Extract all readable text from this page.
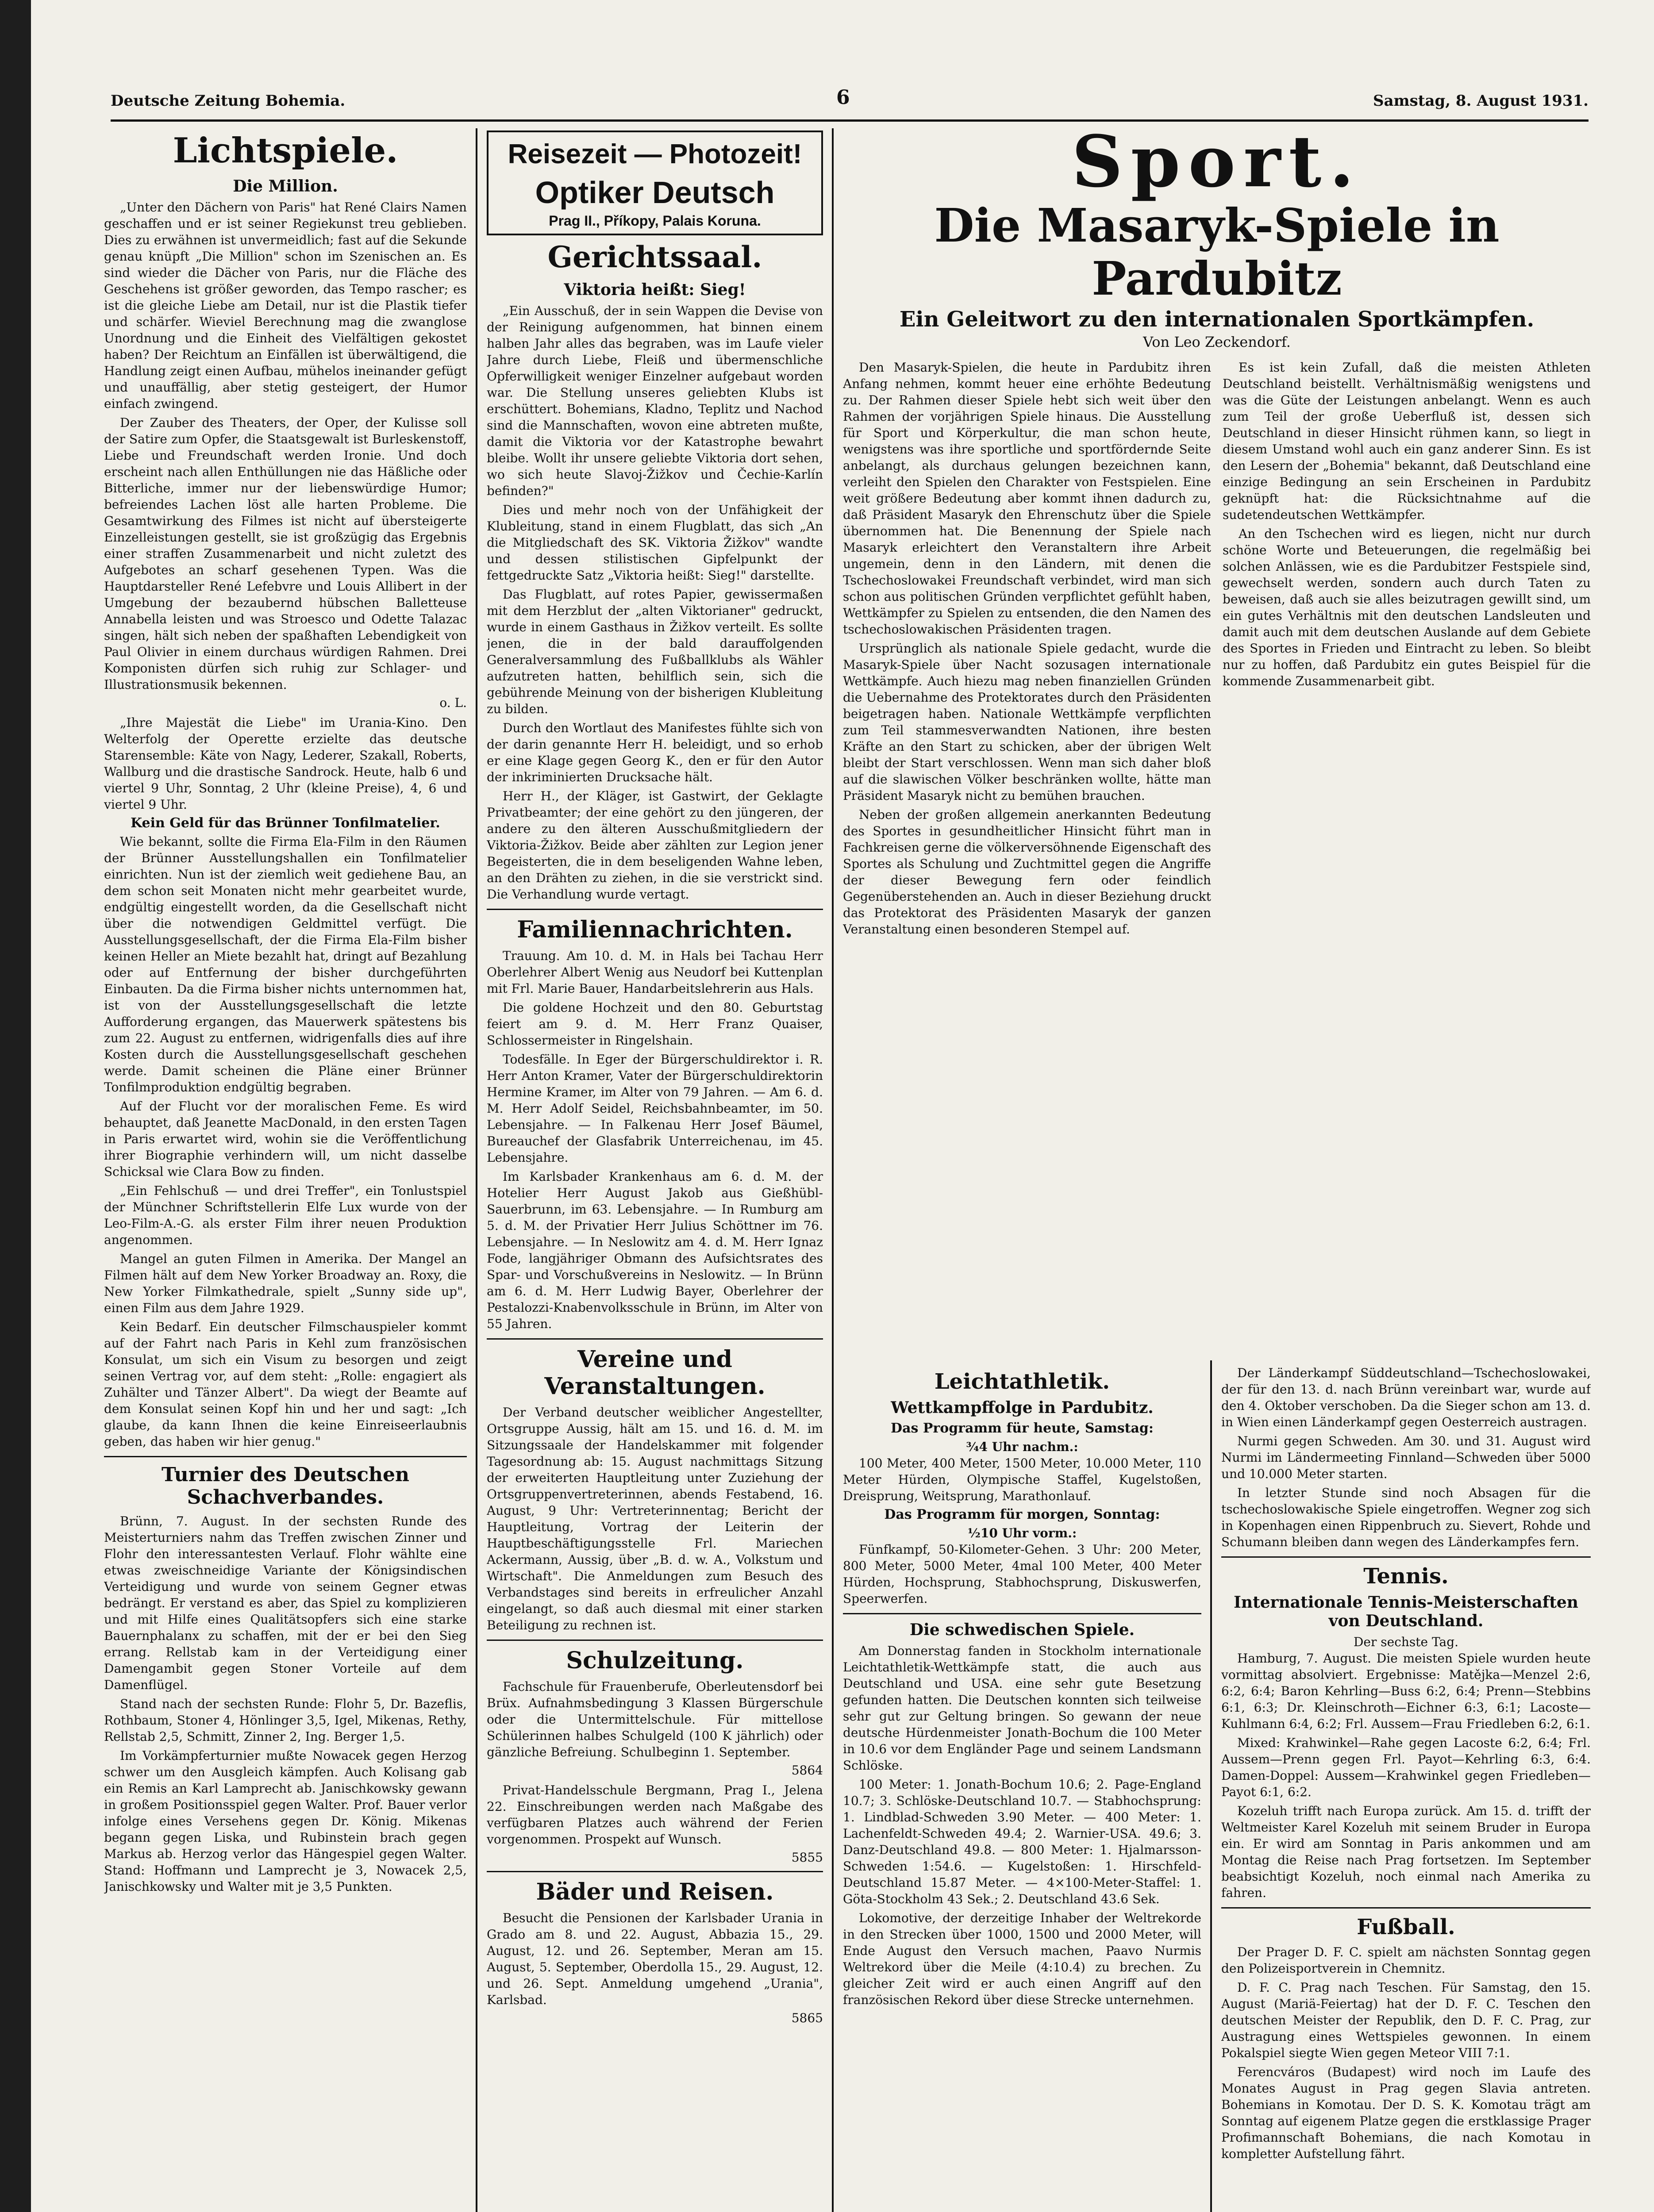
Deutsche Zeitung Bohemia.	6	Samstag, 8. August 1931.
Lichtspiele.
Die Million.

„Unter den Dächern von Paris" hat René Clairs Namen geschaffen und er ist seiner Regiekunst treu geblieben. Dies zu erwähnen ist unvermeidlich; fast auf die Sekunde genau knüpft „Die Million" schon im Szenischen an. Es sind wieder die Dächer von Paris, nur die Fläche des Geschehens ist größer geworden, das Tempo rascher; es ist die gleiche Liebe am Detail, nur ist die Plastik tiefer und schärfer. Wieviel Berechnung mag die zwanglose Unordnung und die Einheit des Vielfältigen gekostet haben? Der Reichtum an Einfällen ist überwältigend, die Handlung zeigt einen Aufbau, mühelos ineinander gefügt und unauffällig, aber stetig gesteigert, der Humor einfach zwingend.

Der Zauber des Theaters, der Oper, der Kulisse soll der Satire zum Opfer, die Staatsgewalt ist Burleskenstoff, Liebe und Freundschaft werden Ironie. Und doch erscheint nach allen Enthüllungen nie das Häßliche oder Bitterliche, immer nur der liebenswürdige Humor; befreiendes Lachen löst alle harten Probleme. Die Gesamtwirkung des Filmes ist nicht auf übersteigerte Einzelleistungen gestellt, sie ist großzügig das Ergebnis einer straffen Zusammenarbeit und nicht zuletzt des Aufgebotes an scharf gesehenen Typen. Was die Hauptdarsteller René Lefebvre und Louis Allibert in der Umgebung der bezaubernd hübschen Balletteuse Annabella leisten und was Stroesco und Odette Talazac singen, hält sich neben der spaßhaften Lebendigkeit von Paul Olivier in einem durchaus würdigen Rahmen. Drei Komponisten dürfen sich ruhig zur Schlager- und Illustrationsmusik bekennen.

o. L.

„Ihre Majestät die Liebe" im Urania-Kino. Den Welterfolg der Operette erzielte das deutsche Starensemble: Käte von Nagy, Lederer, Szakall, Roberts, Wallburg und die drastische Sandrock. Heute, halb 6 und viertel 9 Uhr, Sonntag, 2 Uhr (kleine Preise), 4, 6 und viertel 9 Uhr.

Kein Geld für das Brünner Tonfilmatelier.

Wie bekannt, sollte die Firma Ela-Film in den Räumen der Brünner Ausstellungshallen ein Tonfilmatelier einrichten. Nun ist der ziemlich weit gediehene Bau, an dem schon seit Monaten nicht mehr gearbeitet wurde, endgültig eingestellt worden, da die Gesellschaft nicht über die notwendigen Geldmittel verfügt. Die Ausstellungsgesellschaft, der die Firma Ela-Film bisher keinen Heller an Miete bezahlt hat, dringt auf Bezahlung oder auf Entfernung der bisher durchgeführten Einbauten. Da die Firma bisher nichts unternommen hat, ist von der Ausstellungsgesellschaft die letzte Aufforderung ergangen, das Mauerwerk spätestens bis zum 22. August zu entfernen, widrigenfalls dies auf ihre Kosten durch die Ausstellungsgesellschaft geschehen werde. Damit scheinen die Pläne einer Brünner Tonfilmproduktion endgültig begraben.

Auf der Flucht vor der moralischen Feme. Es wird behauptet, daß Jeanette MacDonald, in den ersten Tagen in Paris erwartet wird, wohin sie die Veröffentlichung ihrer Biographie verhindern will, um nicht dasselbe Schicksal wie Clara Bow zu finden.

„Ein Fehlschuß — und drei Treffer", ein Tonlustspiel der Münchner Schriftstellerin Elfe Lux wurde von der Leo-Film-A.-G. als erster Film ihrer neuen Produktion angenommen.

Mangel an guten Filmen in Amerika. Der Mangel an Filmen hält auf dem New Yorker Broadway an. Roxy, die New Yorker Filmkathedrale, spielt „Sunny side up", einen Film aus dem Jahre 1929.

Kein Bedarf. Ein deutscher Filmschauspieler kommt auf der Fahrt nach Paris in Kehl zum französischen Konsulat, um sich ein Visum zu besorgen und zeigt seinen Vertrag vor, auf dem steht: „Rolle: engagiert als Zuhälter und Tänzer Albert". Da wiegt der Beamte auf dem Konsulat seinen Kopf hin und her und sagt: „Ich glaube, da kann Ihnen die keine Einreiseerlaubnis geben, das haben wir hier genug."

Turnier des Deutschen Schachverbandes.

Brünn, 7. August. In der sechsten Runde des Meisterturniers nahm das Treffen zwischen Zinner und Flohr den interessantesten Verlauf. Flohr wählte eine etwas zweischneidige Variante der Königsindischen Verteidigung und wurde von seinem Gegner etwas bedrängt. Er verstand es aber, das Spiel zu komplizieren und mit Hilfe eines Qualitätsopfers sich eine starke Bauernphalanx zu schaffen, mit der er bei den Sieg errang. Rellstab kam in der Verteidigung einer Damengambit gegen Stoner Vorteile auf dem Damenflügel.

Stand nach der sechsten Runde: Flohr 5, Dr. Bazeflis, Rothbaum, Stoner 4, Hönlinger 3,5, Igel, Mikenas, Rethy, Rellstab 2,5, Schmitt, Zinner 2, Ing. Berger 1,5.

Im Vorkämpferturnier mußte Nowacek gegen Herzog schwer um den Ausgleich kämpfen. Auch Kolisang gab ein Remis an Karl Lamprecht ab. Janischkowsky gewann in großem Positionsspiel gegen Walter. Prof. Bauer verlor infolge eines Versehens gegen Dr. König. Mikenas begann gegen Liska, und Rubinstein brach gegen Markus ab. Herzog verlor das Hängespiel gegen Walter. Stand: Hoffmann und Lamprecht je 3, Nowacek 2,5, Janischkowsky und Walter mit je 3,5 Punkten.

Reisezeit — Photozeit!
Optiker Deutsch
Prag II., Příkopy, Palais Koruna.
Gerichtssaal.
Viktoria heißt: Sieg!

„Ein Ausschuß, der in sein Wappen die Devise von der Reinigung aufgenommen, hat binnen einem halben Jahr alles das begraben, was im Laufe vieler Jahre durch Liebe, Fleiß und übermenschliche Opferwilligkeit weniger Einzelner aufgebaut worden war. Die Stellung unseres geliebten Klubs ist erschüttert. Bohemians, Kladno, Teplitz und Nachod sind die Mannschaften, wovon eine abtreten mußte, damit die Viktoria vor der Katastrophe bewahrt bleibe. Wollt ihr unsere geliebte Viktoria dort sehen, wo sich heute Slavoj-Žižkov und Čechie-Karlín befinden?"

Dies und mehr noch von der Unfähigkeit der Klubleitung, stand in einem Flugblatt, das sich „An die Mitgliedschaft des SK. Viktoria Žižkov" wandte und dessen stilistischen Gipfelpunkt der fettgedruckte Satz „Viktoria heißt: Sieg!" darstellte.

Das Flugblatt, auf rotes Papier, gewissermaßen mit dem Herzblut der „alten Viktorianer" gedruckt, wurde in einem Gasthaus in Žižkov verteilt. Es sollte jenen, die in der bald darauffolgenden Generalversammlung des Fußballklubs als Wähler aufzutreten hatten, behilflich sein, sich die gebührende Meinung von der bisherigen Klubleitung zu bilden.

Durch den Wortlaut des Manifestes fühlte sich von der darin genannte Herr H. beleidigt, und so erhob er eine Klage gegen Georg K., den er für den Autor der inkriminierten Drucksache hält.

Herr H., der Kläger, ist Gastwirt, der Geklagte Privatbeamter; der eine gehört zu den jüngeren, der andere zu den älteren Ausschußmitgliedern der Viktoria-Žižkov. Beide aber zählten zur Legion jener Begeisterten, die in dem beseligenden Wahne leben, an den Drähten zu ziehen, in die sie verstrickt sind. Die Verhandlung wurde vertagt.

Familiennachrichten.

Trauung. Am 10. d. M. in Hals bei Tachau Herr Oberlehrer Albert Wenig aus Neudorf bei Kuttenplan mit Frl. Marie Bauer, Handarbeitslehrerin aus Hals.

Die goldene Hochzeit und den 80. Geburtstag feiert am 9. d. M. Herr Franz Quaiser, Schlossermeister in Ringelshain.

Todesfälle. In Eger der Bürgerschuldirektor i. R. Herr Anton Kramer, Vater der Bürgerschuldirektorin Hermine Kramer, im Alter von 79 Jahren. — Am 6. d. M. Herr Adolf Seidel, Reichsbahnbeamter, im 50. Lebensjahre. — In Falkenau Herr Josef Bäumel, Bureauchef der Glasfabrik Unterreichenau, im 45. Lebensjahre.

Im Karlsbader Krankenhaus am 6. d. M. der Hotelier Herr August Jakob aus Gießhübl-Sauerbrunn, im 63. Lebensjahre. — In Rumburg am 5. d. M. der Privatier Herr Julius Schöttner im 76. Lebensjahre. — In Neslowitz am 4. d. M. Herr Ignaz Fode, langjähriger Obmann des Aufsichtsrates des Spar- und Vorschußvereins in Neslowitz. — In Brünn am 6. d. M. Herr Ludwig Bayer, Oberlehrer der Pestalozzi-Knabenvolksschule in Brünn, im Alter von 55 Jahren.

Vereine und Veranstaltungen.

Der Verband deutscher weiblicher Angestellter, Ortsgruppe Aussig, hält am 15. und 16. d. M. im Sitzungssaale der Handelskammer mit folgender Tagesordnung ab: 15. August nachmittags Sitzung der erweiterten Hauptleitung unter Zuziehung der Ortsgruppenvertreterinnen, abends Festabend, 16. August, 9 Uhr: Vertreterinnentag; Bericht der Hauptleitung, Vortrag der Leiterin der Hauptbeschäftigungsstelle Frl. Mariechen Ackermann, Aussig, über „B. d. w. A., Volkstum und Wirtschaft". Die Anmeldungen zum Besuch des Verbandstages sind bereits in erfreulicher Anzahl eingelangt, so daß auch diesmal mit einer starken Beteiligung zu rechnen ist.

Schulzeitung.

Fachschule für Frauenberufe, Oberleutensdorf bei Brüx. Aufnahmsbedingung 3 Klassen Bürgerschule oder die Untermittelschule. Für mittellose Schülerinnen halbes Schulgeld (100 K jährlich) oder gänzliche Befreiung. Schulbeginn 1. September.

5864

Privat-Handelsschule Bergmann, Prag I., Jelena 22. Einschreibungen werden nach Maßgabe des verfügbaren Platzes auch während der Ferien vorgenommen. Prospekt auf Wunsch.

5855
Bäder und Reisen.

Besucht die Pensionen der Karlsbader Urania in Grado am 8. und 22. August, Abbazia 15., 29. August, 12. und 26. September, Meran am 15. August, 5. September, Oberdolla 15., 29. August, 12. und 26. Sept. Anmeldung umgehend „Urania", Karlsbad.

5865
Sport.
Die Masaryk-Spiele in Pardubitz
Ein Geleitwort zu den internationalen Sportkämpfen.
Von Leo Zeckendorf.

Den Masaryk-Spielen, die heute in Pardubitz ihren Anfang nehmen, kommt heuer eine erhöhte Bedeutung zu. Der Rahmen dieser Spiele hebt sich weit über den Rahmen der vorjährigen Spiele hinaus. Die Ausstellung für Sport und Körperkultur, die man schon heute, wenigstens was ihre sportliche und sportfördernde Seite anbelangt, als durchaus gelungen bezeichnen kann, verleiht den Spielen den Charakter von Festspielen. Eine weit größere Bedeutung aber kommt ihnen dadurch zu, daß Präsident Masaryk den Ehrenschutz über die Spiele übernommen hat. Die Benennung der Spiele nach Masaryk erleichtert den Veranstaltern ihre Arbeit ungemein, denn in den Ländern, mit denen die Tschechoslowakei Freundschaft verbindet, wird man sich schon aus politischen Gründen verpflichtet gefühlt haben, Wettkämpfer zu Spielen zu entsenden, die den Namen des tschechoslowakischen Präsidenten tragen.

Ursprünglich als nationale Spiele gedacht, wurde die Masaryk-Spiele über Nacht sozusagen internationale Wettkämpfe. Auch hiezu mag neben finanziellen Gründen die Uebernahme des Protektorates durch den Präsidenten beigetragen haben. Nationale Wettkämpfe verpflichten zum Teil stammesverwandten Nationen, ihre besten Kräfte an den Start zu schicken, aber der übrigen Welt bleibt der Start verschlossen. Wenn man sich daher bloß auf die slawischen Völker beschränken wollte, hätte man Präsident Masaryk nicht zu bemühen brauchen.

Neben der großen allgemein anerkannten Bedeutung des Sportes in gesundheitlicher Hinsicht führt man in Fachkreisen gerne die völkerversöhnende Eigenschaft des Sportes als Schulung und Zuchtmittel gegen die Angriffe der dieser Bewegung fern oder feindlich Gegenüberstehenden an. Auch in dieser Beziehung druckt das Protektorat des Präsidenten Masaryk der ganzen Veranstaltung einen besonderen Stempel auf.

Es ist kein Zufall, daß die meisten Athleten Deutschland beistellt. Verhältnismäßig wenigstens und was die Güte der Leistungen anbelangt. Wenn es auch zum Teil der große Ueberfluß ist, dessen sich Deutschland in dieser Hinsicht rühmen kann, so liegt in diesem Umstand wohl auch ein ganz anderer Sinn. Es ist den Lesern der „Bohemia" bekannt, daß Deutschland eine einzige Bedingung an sein Erscheinen in Pardubitz geknüpft hat: die Rücksichtnahme auf die sudetendeutschen Wettkämpfer.

An den Tschechen wird es liegen, nicht nur durch schöne Worte und Beteuerungen, die regelmäßig bei solchen Anlässen, wie es die Pardubitzer Festspiele sind, gewechselt werden, sondern auch durch Taten zu beweisen, daß auch sie alles beizutragen gewillt sind, um ein gutes Verhältnis mit den deutschen Landsleuten und damit auch mit dem deutschen Auslande auf dem Gebiete des Sportes in Frieden und Eintracht zu leben. So bleibt nur zu hoffen, daß Pardubitz ein gutes Beispiel für die kommende Zusammenarbeit gibt.

Leichtathletik.
Wettkampffolge in Pardubitz.
Das Programm für heute, Samstag:
¾4 Uhr nachm.:

100 Meter, 400 Meter, 1500 Meter, 10.000 Meter, 110 Meter Hürden, Olympische Staffel, Kugelstoßen, Dreisprung, Weitsprung, Marathonlauf.

Das Programm für morgen, Sonntag:
½10 Uhr vorm.:

Fünfkampf, 50-Kilometer-Gehen. 3 Uhr: 200 Meter, 800 Meter, 5000 Meter, 4mal 100 Meter, 400 Meter Hürden, Hochsprung, Stabhochsprung, Diskuswerfen, Speerwerfen.

Die schwedischen Spiele.

Am Donnerstag fanden in Stockholm internationale Leichtathletik-Wettkämpfe statt, die auch aus Deutschland und USA. eine sehr gute Besetzung gefunden hatten. Die Deutschen konnten sich teilweise sehr gut zur Geltung bringen. So gewann der neue deutsche Hürdenmeister Jonath-Bochum die 100 Meter in 10.6 vor dem Engländer Page und seinem Landsmann Schlöske.

100 Meter: 1. Jonath-Bochum 10.6; 2. Page-England 10.7; 3. Schlöske-Deutschland 10.7. — Stabhochsprung: 1. Lindblad-Schweden 3.90 Meter. — 400 Meter: 1. Lachenfeldt-Schweden 49.4; 2. Warnier-USA. 49.6; 3. Danz-Deutschland 49.8. — 800 Meter: 1. Hjalmarsson-Schweden 1:54.6. — Kugelstoßen: 1. Hirschfeld-Deutschland 15.87 Meter. — 4×100-Meter-Staffel: 1. Göta-Stockholm 43 Sek.; 2. Deutschland 43.6 Sek.

Lokomotive, der derzeitige Inhaber der Weltrekorde in den Strecken über 1000, 1500 und 2000 Meter, will Ende August den Versuch machen, Paavo Nurmis Weltrekord über die Meile (4:10.4) zu brechen. Zu gleicher Zeit wird er auch einen Angriff auf den französischen Rekord über diese Strecke unternehmen.

Der Länderkampf Süddeutschland—Tschechoslowakei, der für den 13. d. nach Brünn vereinbart war, wurde auf den 4. Oktober verschoben. Da die Sieger schon am 13. d. in Wien einen Länderkampf gegen Oesterreich austragen.

Nurmi gegen Schweden. Am 30. und 31. August wird Nurmi im Ländermeeting Finnland—Schweden über 5000 und 10.000 Meter starten.

In letzter Stunde sind noch Absagen für die tschechoslowakische Spiele eingetroffen. Wegner zog sich in Kopenhagen einen Rippenbruch zu. Sievert, Rohde und Schumann bleiben dann wegen des Länderkampfes fern.

Tennis.
Internationale Tennis-Meisterschaften von Deutschland.
Der sechste Tag.

Hamburg, 7. August. Die meisten Spiele wurden heute vormittag absolviert. Ergebnisse: Matějka—Menzel 2:6, 6:2, 6:4; Baron Kehrling—Buss 6:2, 6:4; Prenn—Stebbins 6:1, 6:3; Dr. Kleinschroth—Eichner 6:3, 6:1; Lacoste—Kuhlmann 6:4, 6:2; Frl. Aussem—Frau Friedleben 6:2, 6:1.

Mixed: Krahwinkel—Rahe gegen Lacoste 6:2, 6:4; Frl. Aussem—Prenn gegen Frl. Payot—Kehrling 6:3, 6:4. Damen-Doppel: Aussem—Krahwinkel gegen Friedleben—Payot 6:1, 6:2.

Kozeluh trifft nach Europa zurück. Am 15. d. trifft der Weltmeister Karel Kozeluh mit seinem Bruder in Europa ein. Er wird am Sonntag in Paris ankommen und am Montag die Reise nach Prag fortsetzen. Im September beabsichtigt Kozeluh, noch einmal nach Amerika zu fahren.

Fußball.

Der Prager D. F. C. spielt am nächsten Sonntag gegen den Polizeisportverein in Chemnitz.

D. F. C. Prag nach Teschen. Für Samstag, den 15. August (Mariä-Feiertag) hat der D. F. C. Teschen den deutschen Meister der Republik, den D. F. C. Prag, zur Austragung eines Wettspieles gewonnen. In einem Pokalspiel siegte Wien gegen Meteor VIII 7:1.

Ferencváros (Budapest) wird noch im Laufe des Monates August in Prag gegen Slavia antreten. Bohemians in Komotau. Der D. S. K. Komotau trägt am Sonntag auf eigenem Platze gegen die erstklassige Prager Profimannschaft Bohemians, die nach Komotau in kompletter Aufstellung fährt.
